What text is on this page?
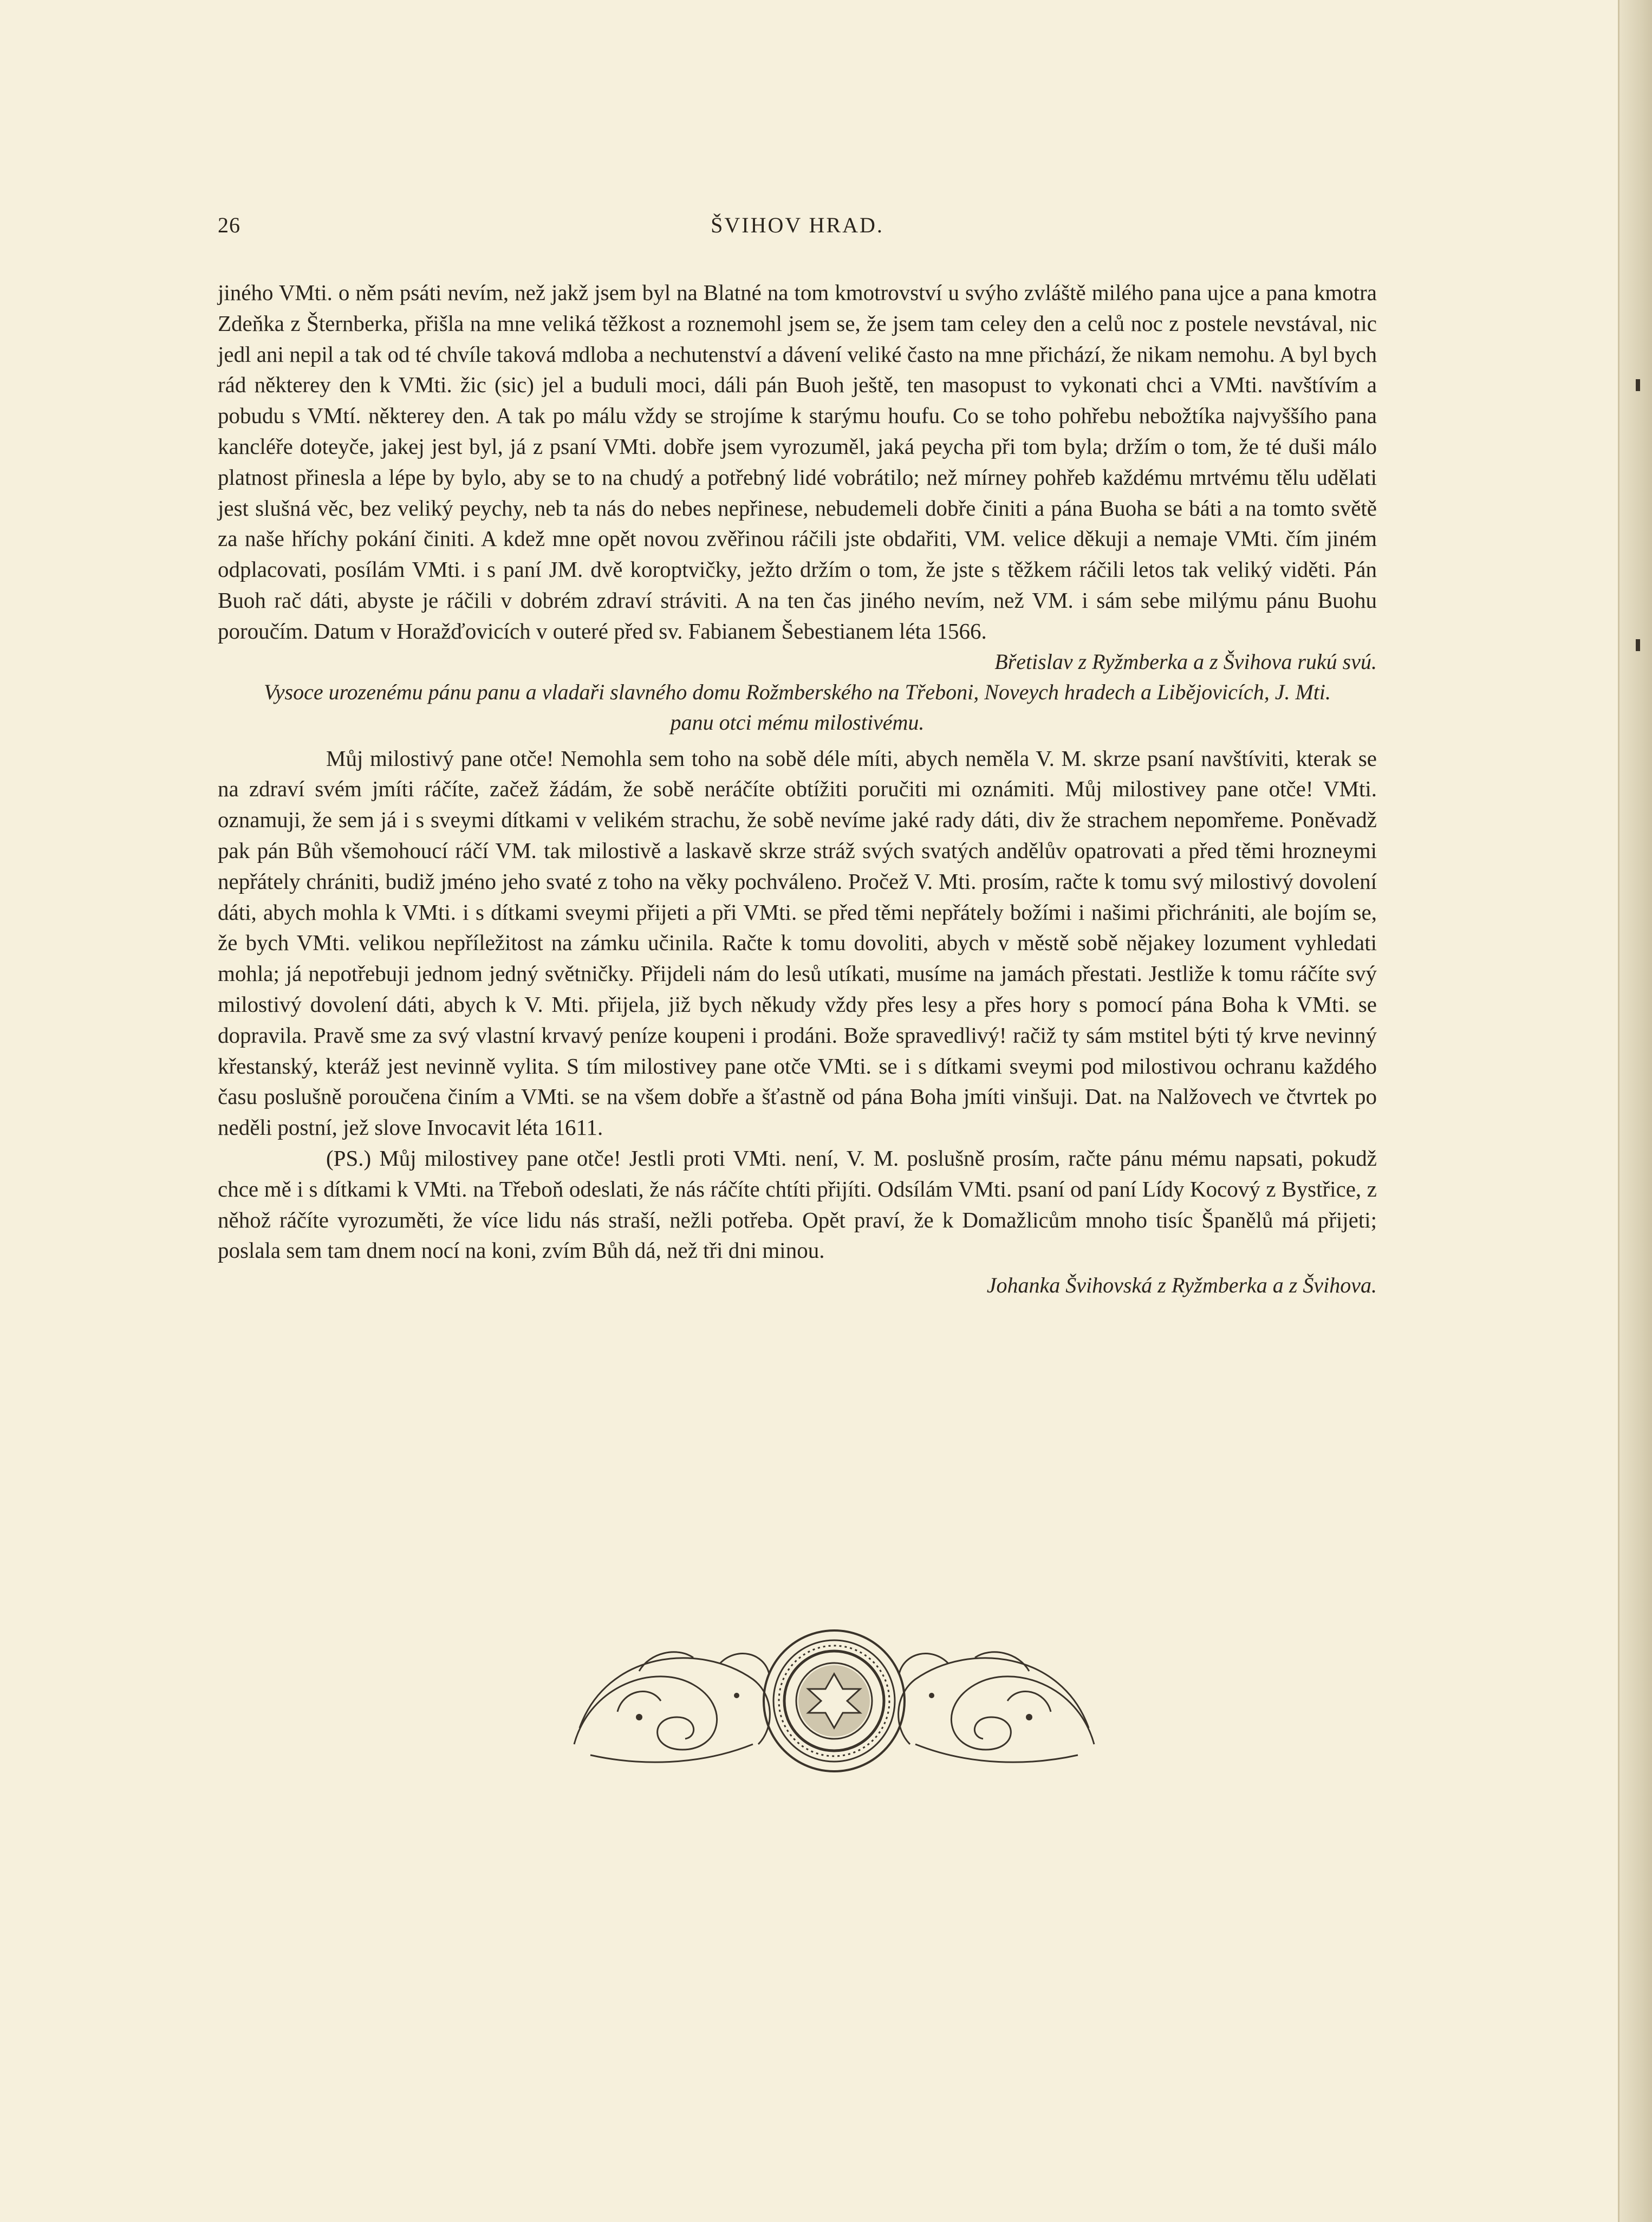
26	ŠVIHOV HRAD.

jiného VMti. o něm psáti nevím, než jakž jsem byl na Blatné na tom kmotrovství u svýho zvláště milého pana ujce a pana kmotra Zdeňka z Šternberka, přišla na mne veliká těžkost a roznemohl jsem se, že jsem tam celey den a celů noc z postele nevstával, nic jedl ani nepil a tak od té chvíle taková mdloba a nechutenství a dávení veliké často na mne přichází, že nikam nemohu. A byl bych rád některey den k VMti. žic (sic) jel a buduli moci, dáli pán Buoh ještě, ten masopust to vykonati chci a VMti. navštívím a pobudu s VMtí. některey den. A tak po málu vždy se strojíme k starýmu houfu. Co se toho pohřebu nebožtíka najvyššího pana kancléře doteyče, jakej jest byl, já z psaní VMti. dobře jsem vyrozuměl, jaká peycha při tom byla; držím o tom, že té duši málo platnost přinesla a lépe by bylo, aby se to na chudý a potřebný lidé vobrátilo; než mírney pohřeb každému mrtvému tělu udělati jest slušná věc, bez veliký peychy, neb ta nás do nebes nepřinese, nebudemeli dobře činiti a pána Buoha se báti a na tomto světě za naše hříchy pokání činiti. A kdež mne opět novou zvěřinou ráčili jste obdařiti, VM. velice děkuji a nemaje VMti. čím jiném odplacovati, posílám VMti. i s paní JM. dvě koroptvičky, ježto držím o tom, že jste s těžkem ráčili letos tak veliký viděti. Pán Buoh rač dáti, abyste je ráčili v dobrém zdraví stráviti. A na ten čas jiného nevím, než VM. i sám sebe milýmu pánu Buohu poroučím. Datum v Horažďovicích v outeré před sv. Fabianem Šebestianem léta 1566.

Břetislav z Ryžmberka a z Švihova rukú svú.

Vysoce urozenému pánu panu a vladaři slavného domu Rožmberského na Třeboni, Noveych hradech a Libějovicích, J. Mti. panu otci mému milostivému.

Můj milostivý pane otče! Nemohla sem toho na sobě déle míti, abych neměla V. M. skrze psaní navštíviti, kterak se na zdraví svém jmíti ráčíte, začež žádám, že sobě neráčíte obtížiti poručiti mi oznámiti. Můj milostivey pane otče! VMti. oznamuji, že sem já i s sveymi dítkami v velikém strachu, že sobě nevíme jaké rady dáti, div že strachem nepomřeme. Poněvadž pak pán Bůh všemohoucí ráčí VM. tak milostivě a laskavě skrze stráž svých svatých andělův opatrovati a před těmi hrozneymi nepřátely chrániti, budiž jméno jeho svaté z toho na věky pochváleno. Pročež V. Mti. prosím, račte k tomu svý milostivý dovolení dáti, abych mohla k VMti. i s dítkami sveymi přijeti a při VMti. se před těmi nepřátely božími i našimi přichrániti, ale bojím se, že bych VMti. velikou nepříležitost na zámku učinila. Račte k tomu dovoliti, abych v městě sobě nějakey lozument vyhledati mohla; já nepotřebuji jednom jedný světničky. Přijdeli nám do lesů utíkati, musíme na jamách přestati. Jestliže k tomu ráčíte svý milostivý dovolení dáti, abych k V. Mti. přijela, již bych někudy vždy přes lesy a přes hory s pomocí pána Boha k VMti. se dopravila. Pravě sme za svý vlastní krvavý peníze koupeni i prodáni. Bože spravedlivý! račiž ty sám mstitel býti tý krve nevinný křestanský, kteráž jest nevinně vylita. S tím milostivey pane otče VMti. se i s dítkami sveymi pod milostivou ochranu každého času poslušně poroučena činím a VMti. se na všem dobře a šťastně od pána Boha jmíti vinšuji. Dat. na Nalžovech ve čtvrtek po neděli postní, jež slove Invocavit léta 1611.

(PS.) Můj milostivey pane otče! Jestli proti VMti. není, V. M. poslušně prosím, račte pánu mému napsati, pokudž chce mě i s dítkami k VMti. na Třeboň odeslati, že nás ráčíte chtíti přijíti. Odsílám VMti. psaní od paní Lídy Kocový z Bystřice, z něhož ráčíte vyrozuměti, že více lidu nás straší, nežli potřeba. Opět praví, že k Domažlicům mnoho tisíc Španělů má přijeti; poslala sem tam dnem nocí na koni, zvím Bůh dá, než tři dni minou.

Johanka Švihovská z Ryžmberka a z Švihova.
